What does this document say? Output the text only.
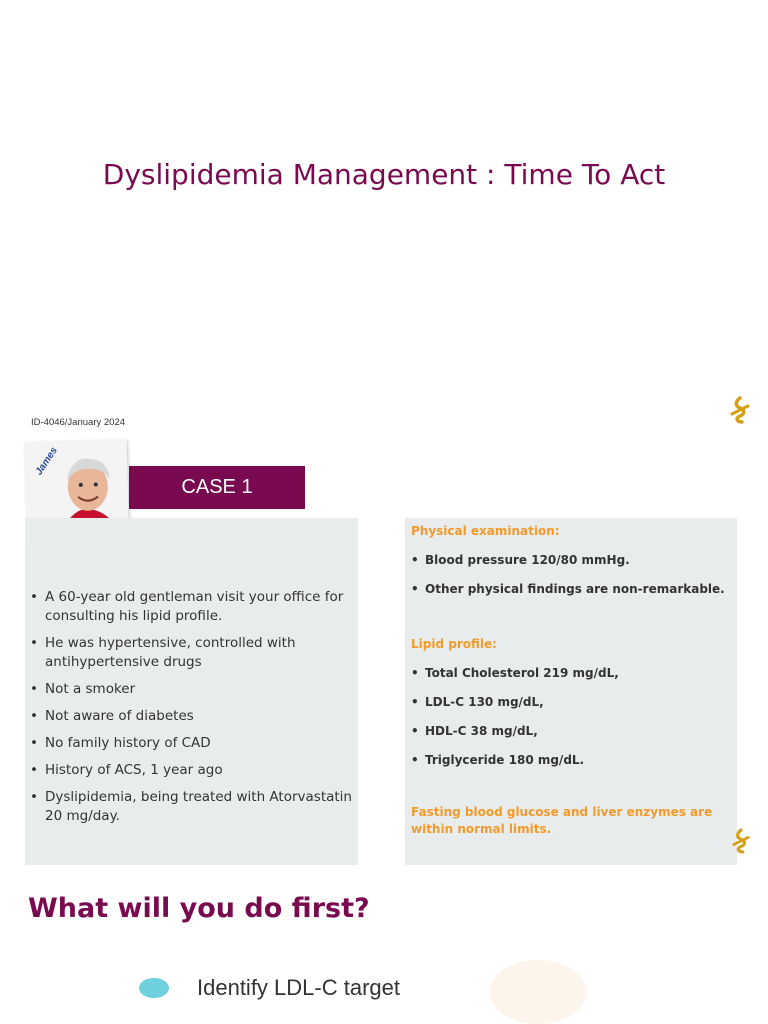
Dyslipidemia Management : Time To Act
ID-4046/January 2024
James
CASE 1
• A 60-year old gentleman visit your office for consulting his lipid profile.
• He was hypertensive, controlled with antihypertensive drugs
• Not a smoker
• Not aware of diabetes
• No family history of CAD
• History of ACS, 1 year ago
• Dyslipidemia, being treated with Atorvastatin 20 mg/day.
Physical examination:
• Blood pressure 120/80 mmHg.
• Other physical findings are non-remarkable.
Lipid profile:
• Total Cholesterol 219 mg/dL,
• LDL-C 130 mg/dL,
• HDL-C 38 mg/dL,
• Triglyceride 180 mg/dL.
Fasting blood glucose and liver enzymes are within normal limits.
What will you do first?
Identify LDL-C target
